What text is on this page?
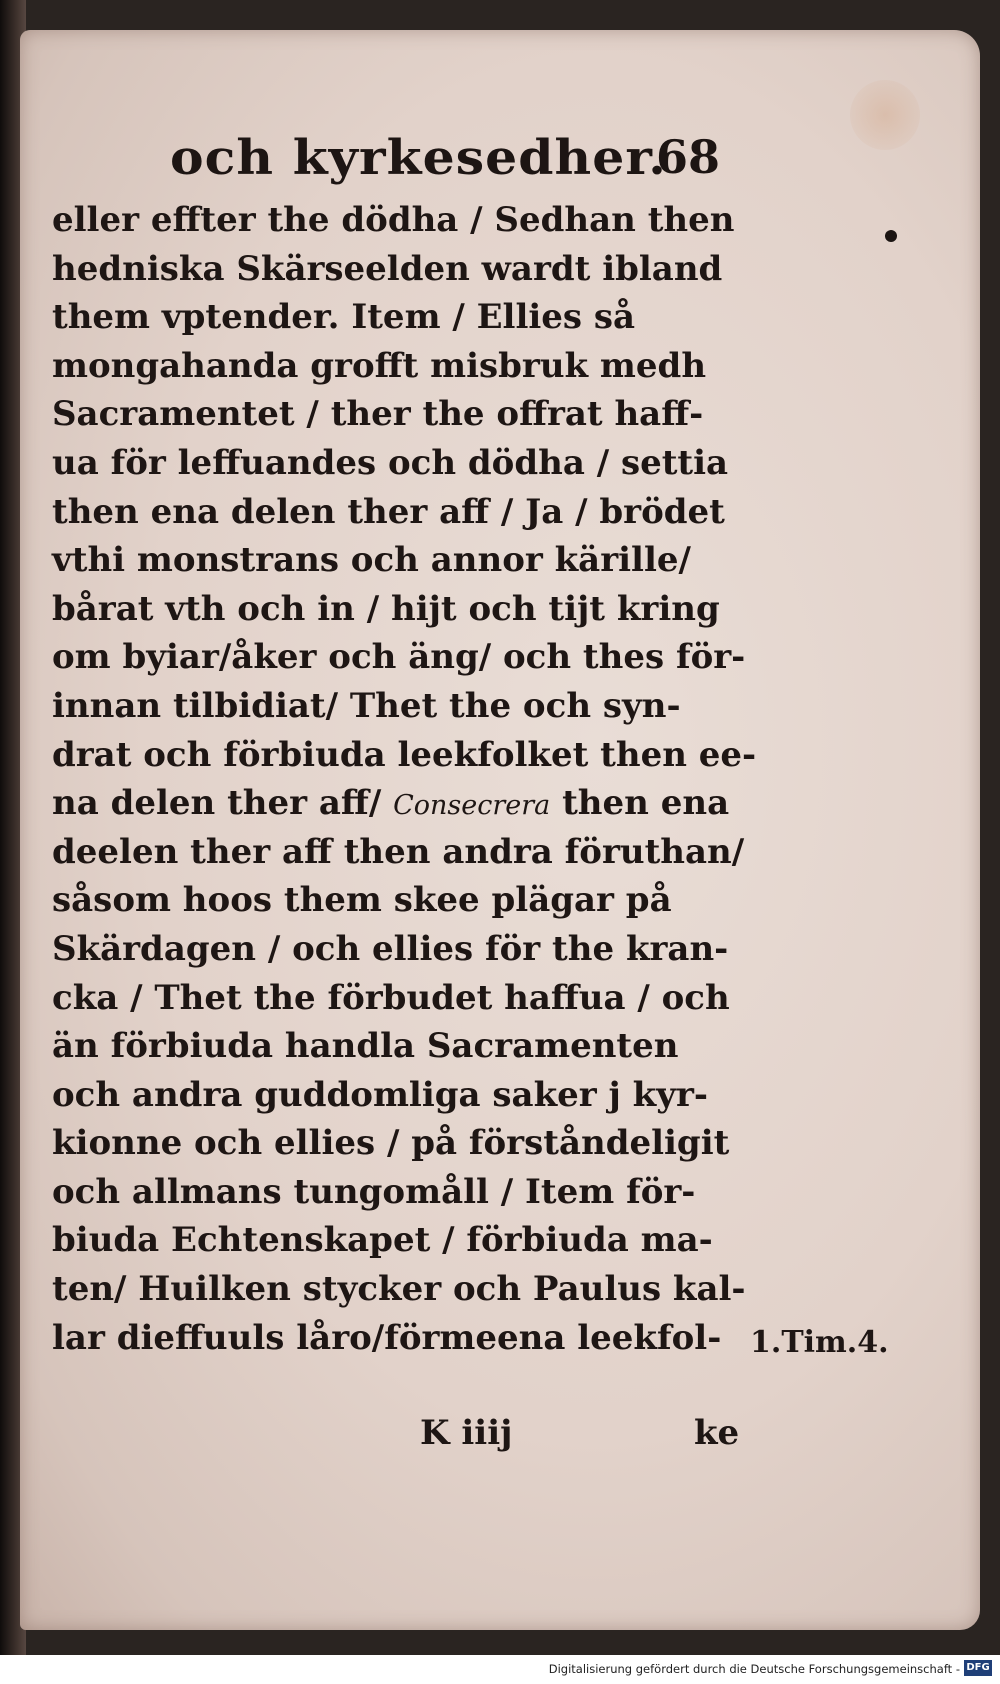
och kyrkesedher.
68
eller effter the dödha / Sedhan then
hedniska Skärseelden wardt ibland
them vptender. Item / Ellies så
mongahanda grofft misbruk medh
Sacramentet / ther the offrat haff-
ua för leffuandes och dödha / settia
then ena delen ther aff / Ja / brödet
vthi monstrans och annor kärille/
bårat vth och in / hijt och tijt kring
om byiar/åker och äng/ och thes för-
innan tilbidiat/ Thet the och syn-
drat och förbiuda leekfolket then ee-
na delen ther aff/ Consecrera then ena
deelen ther aff then andra föruthan/
såsom hoos them skee plägar på
Skärdagen / och ellies för the kran-
cka / Thet the förbudet haffua / och
än förbiuda handla Sacramenten
och andra guddomliga saker j kyr-
kionne och ellies / på förståndeligit
och allmans tungomåll / Item för-
biuda Echtenskapet / förbiuda ma-
ten/ Huilken stycker och Paulus kal-
lar dieffuuls låro/förmeena leekfol- 1.Tim.4.
K iiij	ke
Digitalisierung gefördert durch die Deutsche Forschungsgemeinschaft - DFG
